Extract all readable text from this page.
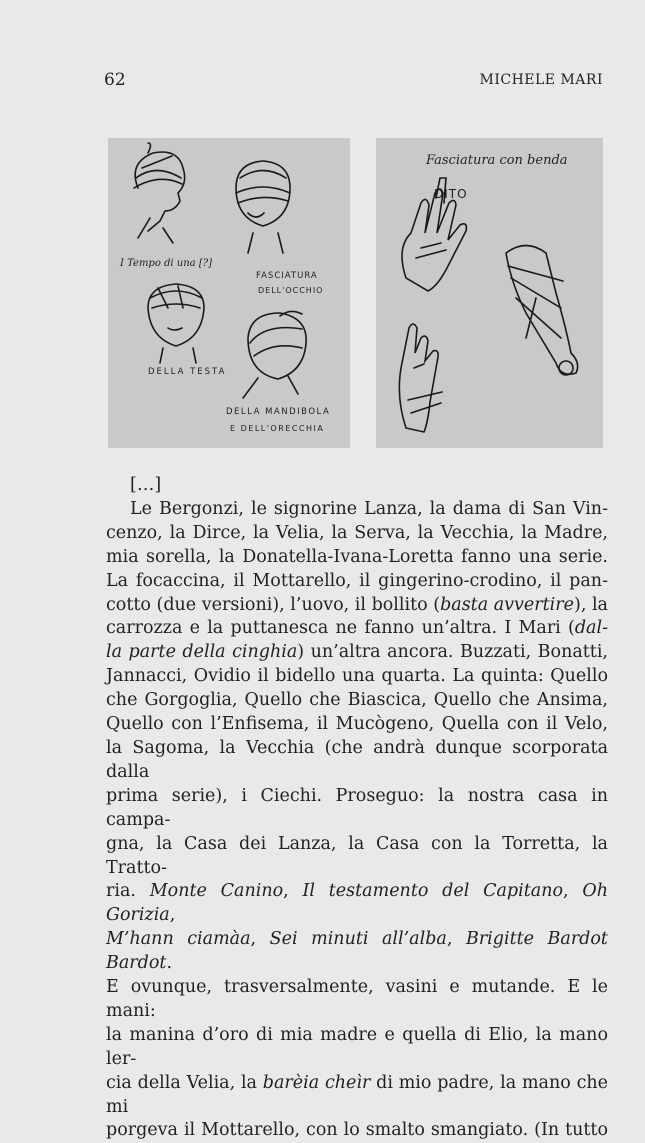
62	MICHELE MARI
I Tempo di una [?]
FASCIATURA
DELL'OCCHIO
DELLA TESTA
DELLA MANDIBOLA
E DELL'ORECCHIA
Fasciatura con benda
DITO
[…]
Le Bergonzi, le signorine Lanza, la dama di San Vin-
cenzo, la Dirce, la Velia, la Serva, la Vecchia, la Madre,
mia sorella, la Donatella-Ivana-Loretta fanno una serie.
La focaccina, il Mottarello, il gingerino-crodino, il pan-
cotto (due versioni), l’uovo, il bollito (basta avvertire), la
carrozza e la puttanesca ne fanno un’altra. I Mari (dal-
la parte della cinghia) un’altra ancora. Buzzati, Bonatti,
Jannacci, Ovidio il bidello una quarta. La quinta: Quello
che Gorgoglia, Quello che Biascica, Quello che Ansima,
Quello con l’Enfisema, il Mucògeno, Quella con il Velo,
la Sagoma, la Vecchia (che andrà dunque scorporata dalla
prima serie), i Ciechi. Proseguo: la nostra casa in campa-
gna, la Casa dei Lanza, la Casa con la Torretta, la Tratto-
ria. Monte Canino, Il testamento del Capitano, Oh Gorizia,
M’hann ciamàa, Sei minuti all’alba, Brigitte Bardot Bardot.
E ovunque, trasversalmente, vasini e mutande. E le mani:
la manina d’oro di mia madre e quella di Elio, la mano ler-
cia della Velia, la barèia cheìr di mio padre, la mano che mi
porgeva il Mottarello, con lo smalto smangiato. (In tutto
